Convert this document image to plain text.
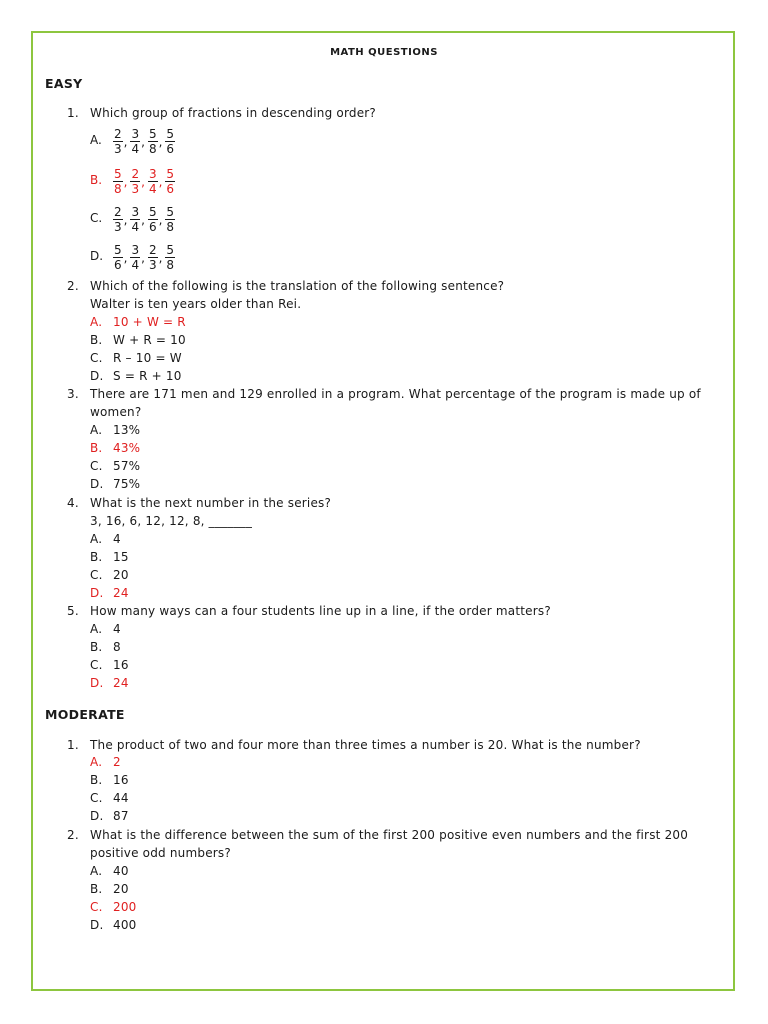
MATH QUESTIONS
EASY
1. Which group of fractions in descending order?
A. $\frac{2}{3}$ , $\frac{3}{4}$ , $\frac{5}{8}$ , $\frac{5}{6}$
B. $\frac{5}{8}$ , $\frac{2}{3}$ , $\frac{3}{4}$ , $\frac{5}{6}$
C. $\frac{2}{3}$ , $\frac{3}{4}$ , $\frac{5}{6}$ , $\frac{5}{8}$
D. $\frac{5}{6}$ , $\frac{3}{4}$ , $\frac{2}{3}$ , $\frac{5}{8}$
2. Which of the following is the translation of the following sentence?
Walter is ten years older than Rei.
A. 10 + W = R
B. W + R = 10
C. R – 10 = W
D. S = R + 10
3. There are 171 men and 129 enrolled in a program. What percentage of the program is made up of
women?
A. 13%
B. 43%
C. 57%
D. 75%
4. What is the next number in the series?
3, 16, 6, 12, 12, 8, _______
A. 4
B. 15
C. 20
D. 24
5. How many ways can a four students line up in a line, if the order matters?
A. 4
B. 8
C. 16
D. 24
MODERATE
1. The product of two and four more than three times a number is 20. What is the number?
A. 2
B. 16
C. 44
D. 87
2. What is the difference between the sum of the first 200 positive even numbers and the first 200
positive odd numbers?
A. 40
B. 20
C. 200
D. 400
